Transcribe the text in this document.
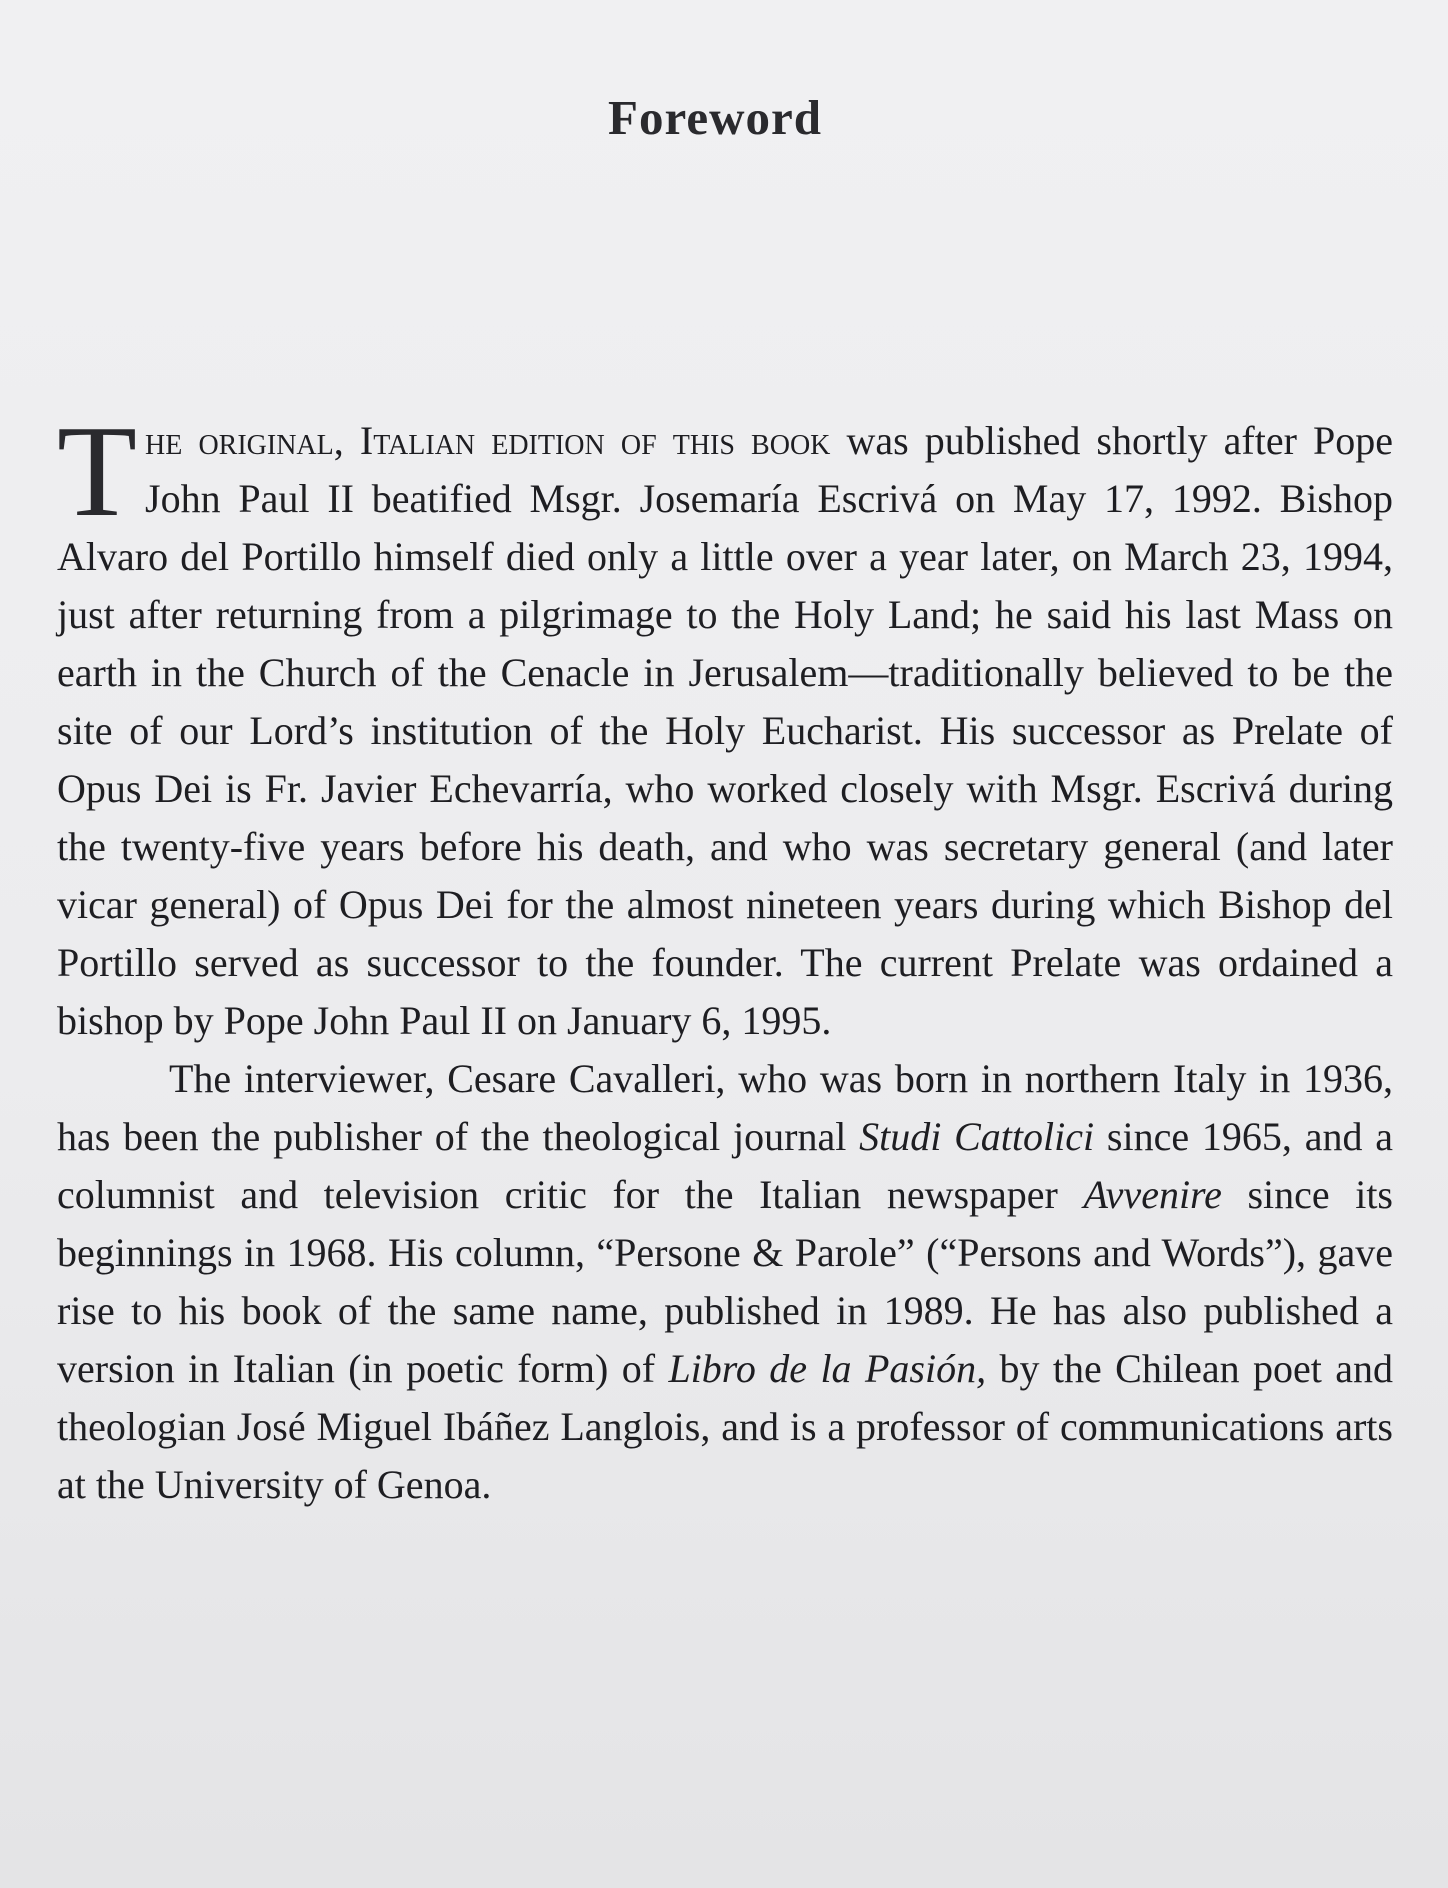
Foreword

The original, Italian edition of this book was published shortly after Pope John Paul II beatified Msgr. Josemaría Escrivá on May 17, 1992. Bishop Alvaro del Portillo himself died only a little over a year later, on March 23, 1994, just after returning from a pilgrimage to the Holy Land; he said his last Mass on earth in the Church of the Cenacle in Jerusalem—traditionally believed to be the site of our Lord’s institution of the Holy Eucharist. His successor as Prelate of Opus Dei is Fr. Javier Echevarría, who worked closely with Msgr. Escrivá during the twenty-five years before his death, and who was secretary general (and later vicar general) of Opus Dei for the almost nineteen years during which Bishop del Portillo served as successor to the founder. The current Prelate was ordained a bishop by Pope John Paul II on January 6, 1995.

The interviewer, Cesare Cavalleri, who was born in northern Italy in 1936, has been the publisher of the theological journal Studi Cattolici since 1965, and a columnist and television critic for the Italian newspaper Avvenire since its beginnings in 1968. His column, “Persone & Parole” (“Persons and Words”), gave rise to his book of the same name, published in 1989. He has also published a version in Italian (in poetic form) of Libro de la Pasión, by the Chilean poet and theologian José Miguel Ibáñez Langlois, and is a professor of communications arts at the University of Genoa.
